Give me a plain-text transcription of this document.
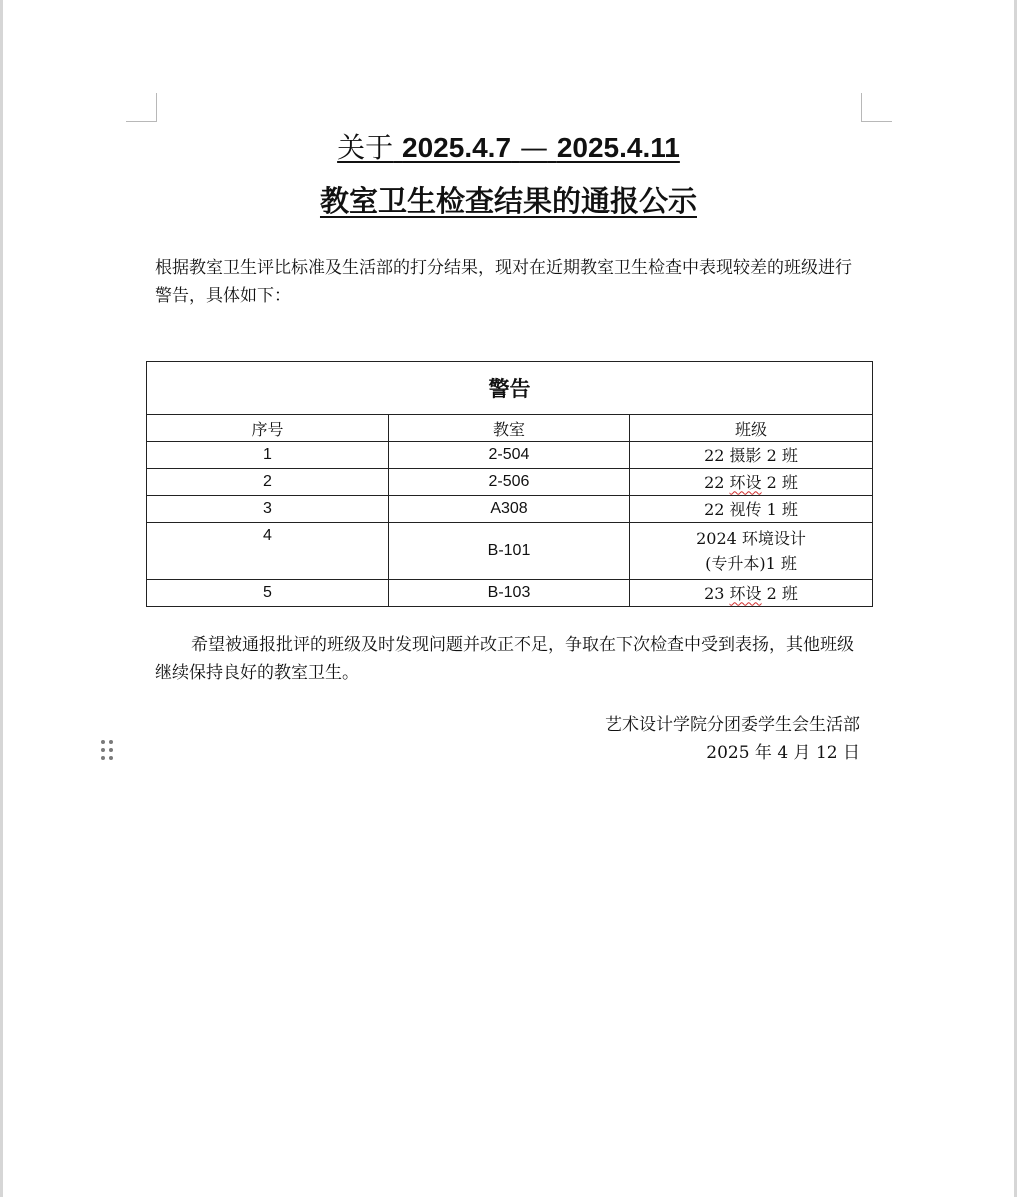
关于 2025.4.7 — 2025.4.11
教室卫生检查结果的通报公示

根据教室卫生评比标准及生活部的打分结果，现对在近期教室卫生检查中表现较差的班级进行警告，具体如下：

警告		
序号	教室	班级
1	2-504	22 摄影 2 班

2	2-506	22 环设 2 班

3	A308	22 视传 1 班

4	B-101	2024 环境设计
(专升本)1 班

5	B-103	23 环设 2 班

希望被通报批评的班级及时发现问题并改正不足，争取在下次检查中受到表扬，其他班级继续保持良好的教室卫生。

艺术设计学院分团委学生会生活部
2025 年 4 月 12 日
